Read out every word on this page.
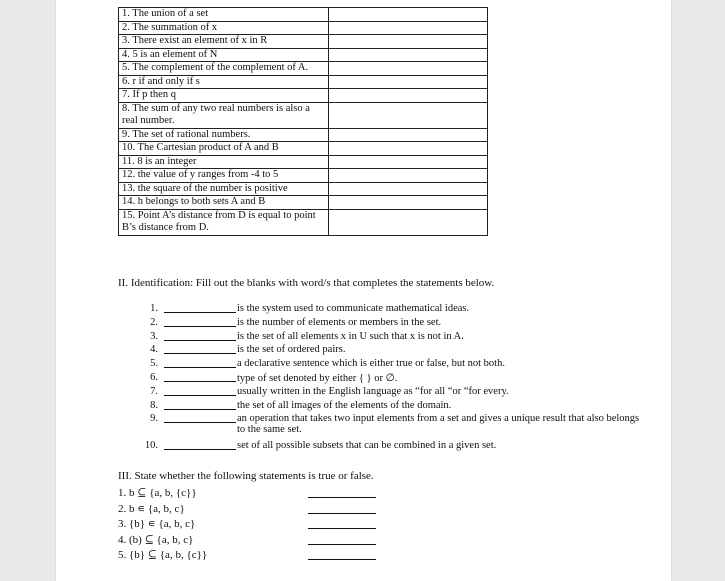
1. The union of a set	
2. The summation of x	
3. There exist an element of x in R	
4. 5 is an element of N	
5. The complement of the complement of A.	
6. r if and only if s	
7. If p then q	
8. The sum of any two real numbers is also a real number.	
9. The set of rational numbers.	
10. The Cartesian product of A and B	
11. 8 is an integer	
12. the value of y ranges from -4 to 5	
13. the square of the number is positive	
14. h belongs to both sets A and B	
15. Point A’s distance from D is equal to point B’s distance from D.	
II. Identification: Fill out the blanks with word/s that completes the statements below.
1.	is the system used to communicate mathematical ideas.
2.	is the number of elements or members in the set.
3.	is the set of all elements x in U such that x is not in A.
4.	is the set of ordered pairs.
5.	a declarative sentence which is either true or false, but not both.
6.	type of set denoted by either { } or ∅.
7.	usually written in the English language as “for all “or “for every.
8.	the set of all images of the elements of the domain.
9.	an operation that takes two input elements from a set and gives a unique result that also belongs to the same set.
10.	set of all possible subsets that can be combined in a given set.
III. State whether the following statements is true or false.
1. b ⊆ {a, b, {c}}
2. b ∊ {a, b, c}
3. {b} ∊ {a, b, c}
4. (b) ⊆ {a, b, c}
5. {b} ⊆ {a, b, {c}}
